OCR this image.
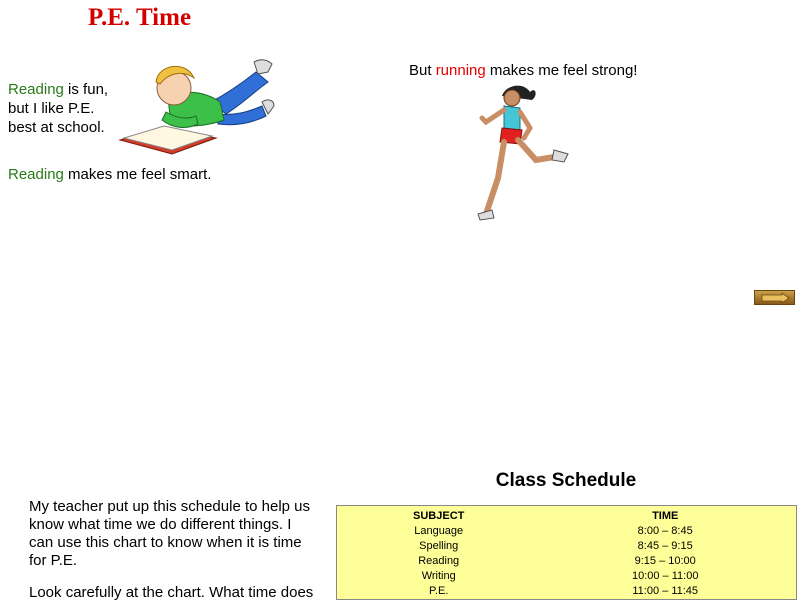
P.E. Time
Reading is fun,
but I like P.E.
best at school.
Reading makes me feel smart.
But running makes me feel strong!
My teacher put up this schedule to help us know what time we do different things. I can use this chart to know when it is time for P.E.
Look carefully at the chart. What time does
Class Schedule
SUBJECT	TIME
Language	8:00 – 8:45
Spelling	8:45 – 9:15
Reading	9:15 – 10:00
Writing	10:00 – 11:00
P.E.	11:00 – 11:45
